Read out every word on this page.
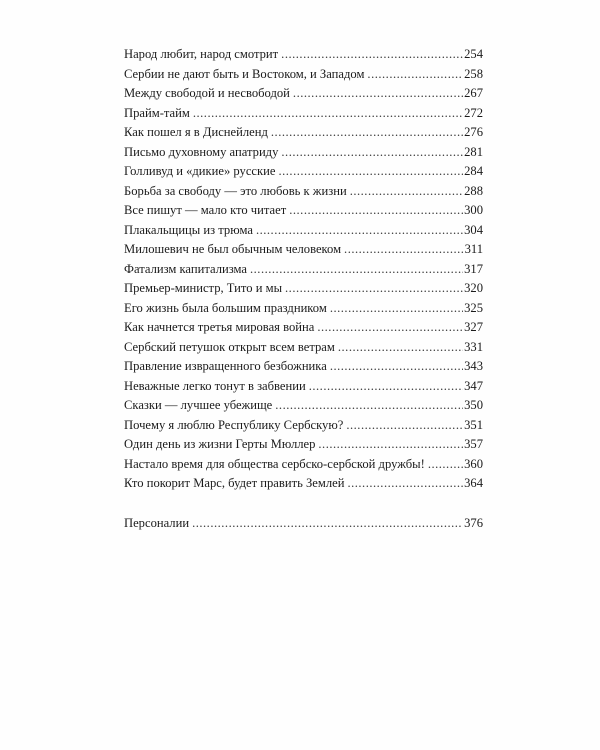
Народ любит, народ смотрит .....	254
Сербии не дают быть и Востоком, и Западом .....	258
Между свободой и несвободой .....	267
Прайм-тайм .....	272
Как пошел я в Диснейленд .....	276
Письмо духовному апатриду .....	281
Голливуд и «дикие» русские .....	284
Борьба за свободу — это любовь к жизни .....	288
Все пишут — мало кто читает .....	300
Плакальщицы из трюма .....	304
Милошевич не был обычным человеком .....	311
Фатализм капитализма .....	317
Премьер-министр, Тито и мы .....	320
Его жизнь была большим праздником .....	325
Как начнется третья мировая война .....	327
Сербский петушок открыт всем ветрам .....	331
Правление извращенного безбожника .....	343
Неважные легко тонут в забвении .....	347
Сказки — лучшее убежище .....	350
Почему я люблю Республику Сербскую? .....	351
Один день из жизни Герты Мюллер .....	357
Настало время для общества сербско-сербской дружбы! .....	360
Кто покорит Марс, будет править Землей .....	364
Персоналии .....	376
